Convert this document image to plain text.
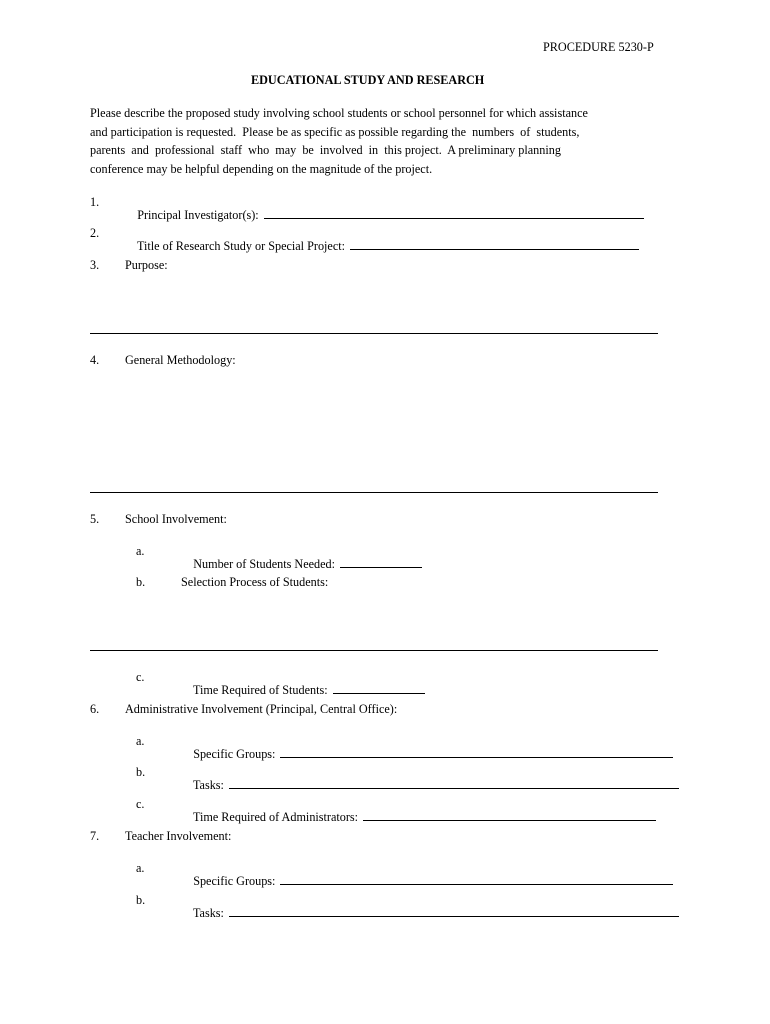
PROCEDURE 5230-P
EDUCATIONAL STUDY AND RESEARCH
Please describe the proposed study involving school students or school personnel for which assistance
and participation is requested.  Please be as specific as possible regarding the  numbers  of  students,
parents  and  professional  staff  who  may  be  involved  in  this project.  A preliminary planning
conference may be helpful depending on the magnitude of the project.
1.

Principal Investigator(s):

2.

Title of Research Study or Special Project:

3. Purpose:
4. General Methodology:
5. School Involvement:
a.

Number of Students Needed:

b.	Selection Process of Students:
c.

Time Required of Students:

6. Administrative Involvement (Principal, Central Office):
a.

Specific Groups:

b.

Tasks:

c.

Time Required of Administrators:

7. Teacher Involvement:
a.

Specific Groups:

b.

Tasks:
